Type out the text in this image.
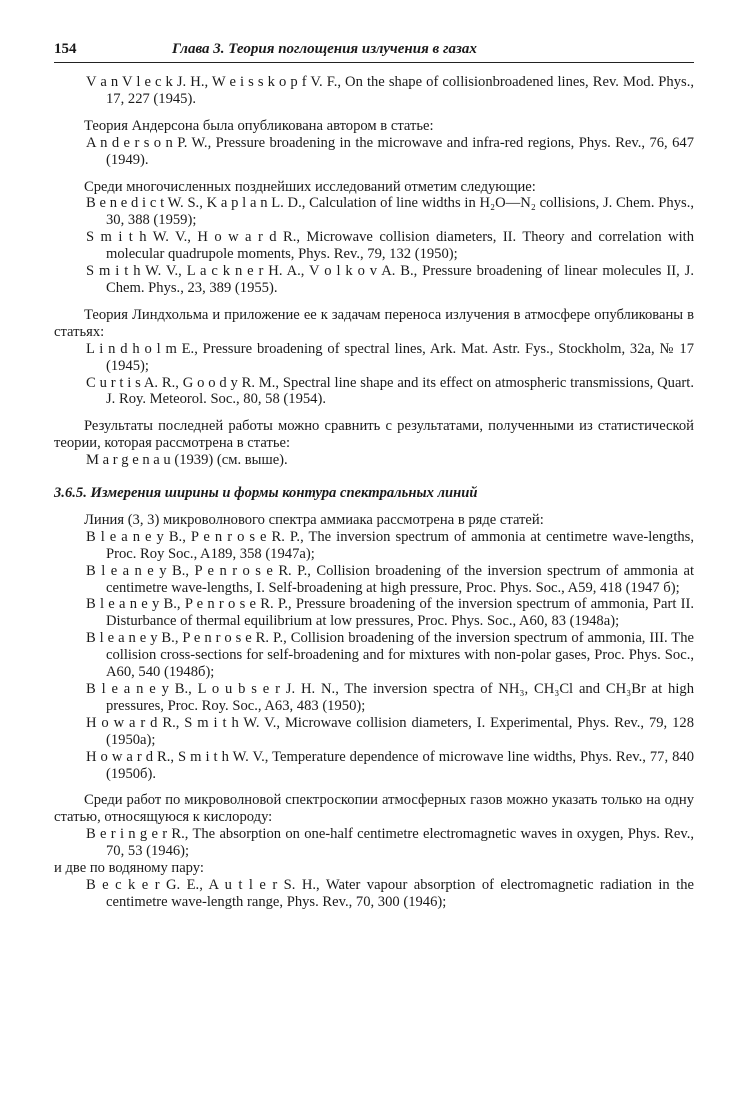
154	Глава 3. Теория поглощения излучения в газах

V a n V l e c k J. H., W e i s s k o p f V. F., On the shape of collisionbroadened lines, Rev. Mod. Phys., 17, 227 (1945).

Теория Андерсона была опубликована автором в статье:

A n d e r s o n P. W., Pressure broadening in the microwave and infra-red regions, Phys. Rev., 76, 647 (1949).

Среди многочисленных позднейших исследований отметим следующие:

B e n e d i c t W. S., K a p l a n L. D., Calculation of line widths in H₂O—N₂ collisions, J. Chem. Phys., 30, 388 (1959);

S m i t h W. V., H o w a r d R., Microwave collision diameters, II. Theory and correlation with molecular quadrupole moments, Phys. Rev., 79, 132 (1950);

S m i t h W. V., L a c k n e r H. A., V o l k o v A. B., Pressure broadening of linear molecules II, J. Chem. Phys., 23, 389 (1955).

Теория Линдхольма и приложение ее к задачам переноса излучения в атмосфере опубликованы в статьях:

L i n d h o l m E., Pressure broadening of spectral lines, Ark. Mat. Astr. Fys., Stockholm, 32a, № 17 (1945);

C u r t i s A. R., G o o d y R. M., Spectral line shape and its effect on atmospheric transmissions, Quart. J. Roy. Meteorol. Soc., 80, 58 (1954).

Результаты последней работы можно сравнить с результатами, полученными из статистической теории, которая рассмотрена в статье:

M a r g e n a u (1939) (см. выше).

3.6.5. Измерения ширины и формы контура спектральных линий

Линия (3, 3) микроволнового спектра аммиака рассмотрена в ряде статей:

B l e a n e y B., P e n r o s e R. P., The inversion spectrum of ammonia at centimetre wave-lengths, Proc. Roy Soc., A189, 358 (1947a);

B l e a n e y B., P e n r o s e R. P., Collision broadening of the inversion spectrum of ammonia at centimetre wave-lengths, I. Self-broadening at high pressure, Proc. Phys. Soc., A59, 418 (1947 б);

B l e a n e y B., P e n r o s e R. P., Pressure broadening of the inversion spectrum of ammonia, Part II. Disturbance of thermal equilibrium at low pressures, Proc. Phys. Soc., A60, 83 (1948a);

B l e a n e y B., P e n r o s e R. P., Collision broadening of the inversion spectrum of ammonia, III. The collision cross-sections for self-broadening and for mixtures with non-polar gases, Proc. Phys. Soc., A60, 540 (1948б);

B l e a n e y B., L o u b s e r J. H. N., The inversion spectra of NH₃, CH₃Cl and CH₃Br at high pressures, Proc. Roy. Soc., A63, 483 (1950);

H o w a r d R., S m i t h W. V., Microwave collision diameters, I. Experimental, Phys. Rev., 79, 128 (1950a);

H o w a r d R., S m i t h W. V., Temperature dependence of microwave line widths, Phys. Rev., 77, 840 (1950б).

Среди работ по микроволновой спектроскопии атмосферных газов можно указать только на одну статью, относящуюся к кислороду:

B e r i n g e r R., The absorption on one-half centimetre electromagnetic waves in oxygen, Phys. Rev., 70, 53 (1946);

и две по водяному пару:

B e c k e r G. E., A u t l e r S. H., Water vapour absorption of electromagnetic radiation in the centimetre wave-length range, Phys. Rev., 70, 300 (1946);
